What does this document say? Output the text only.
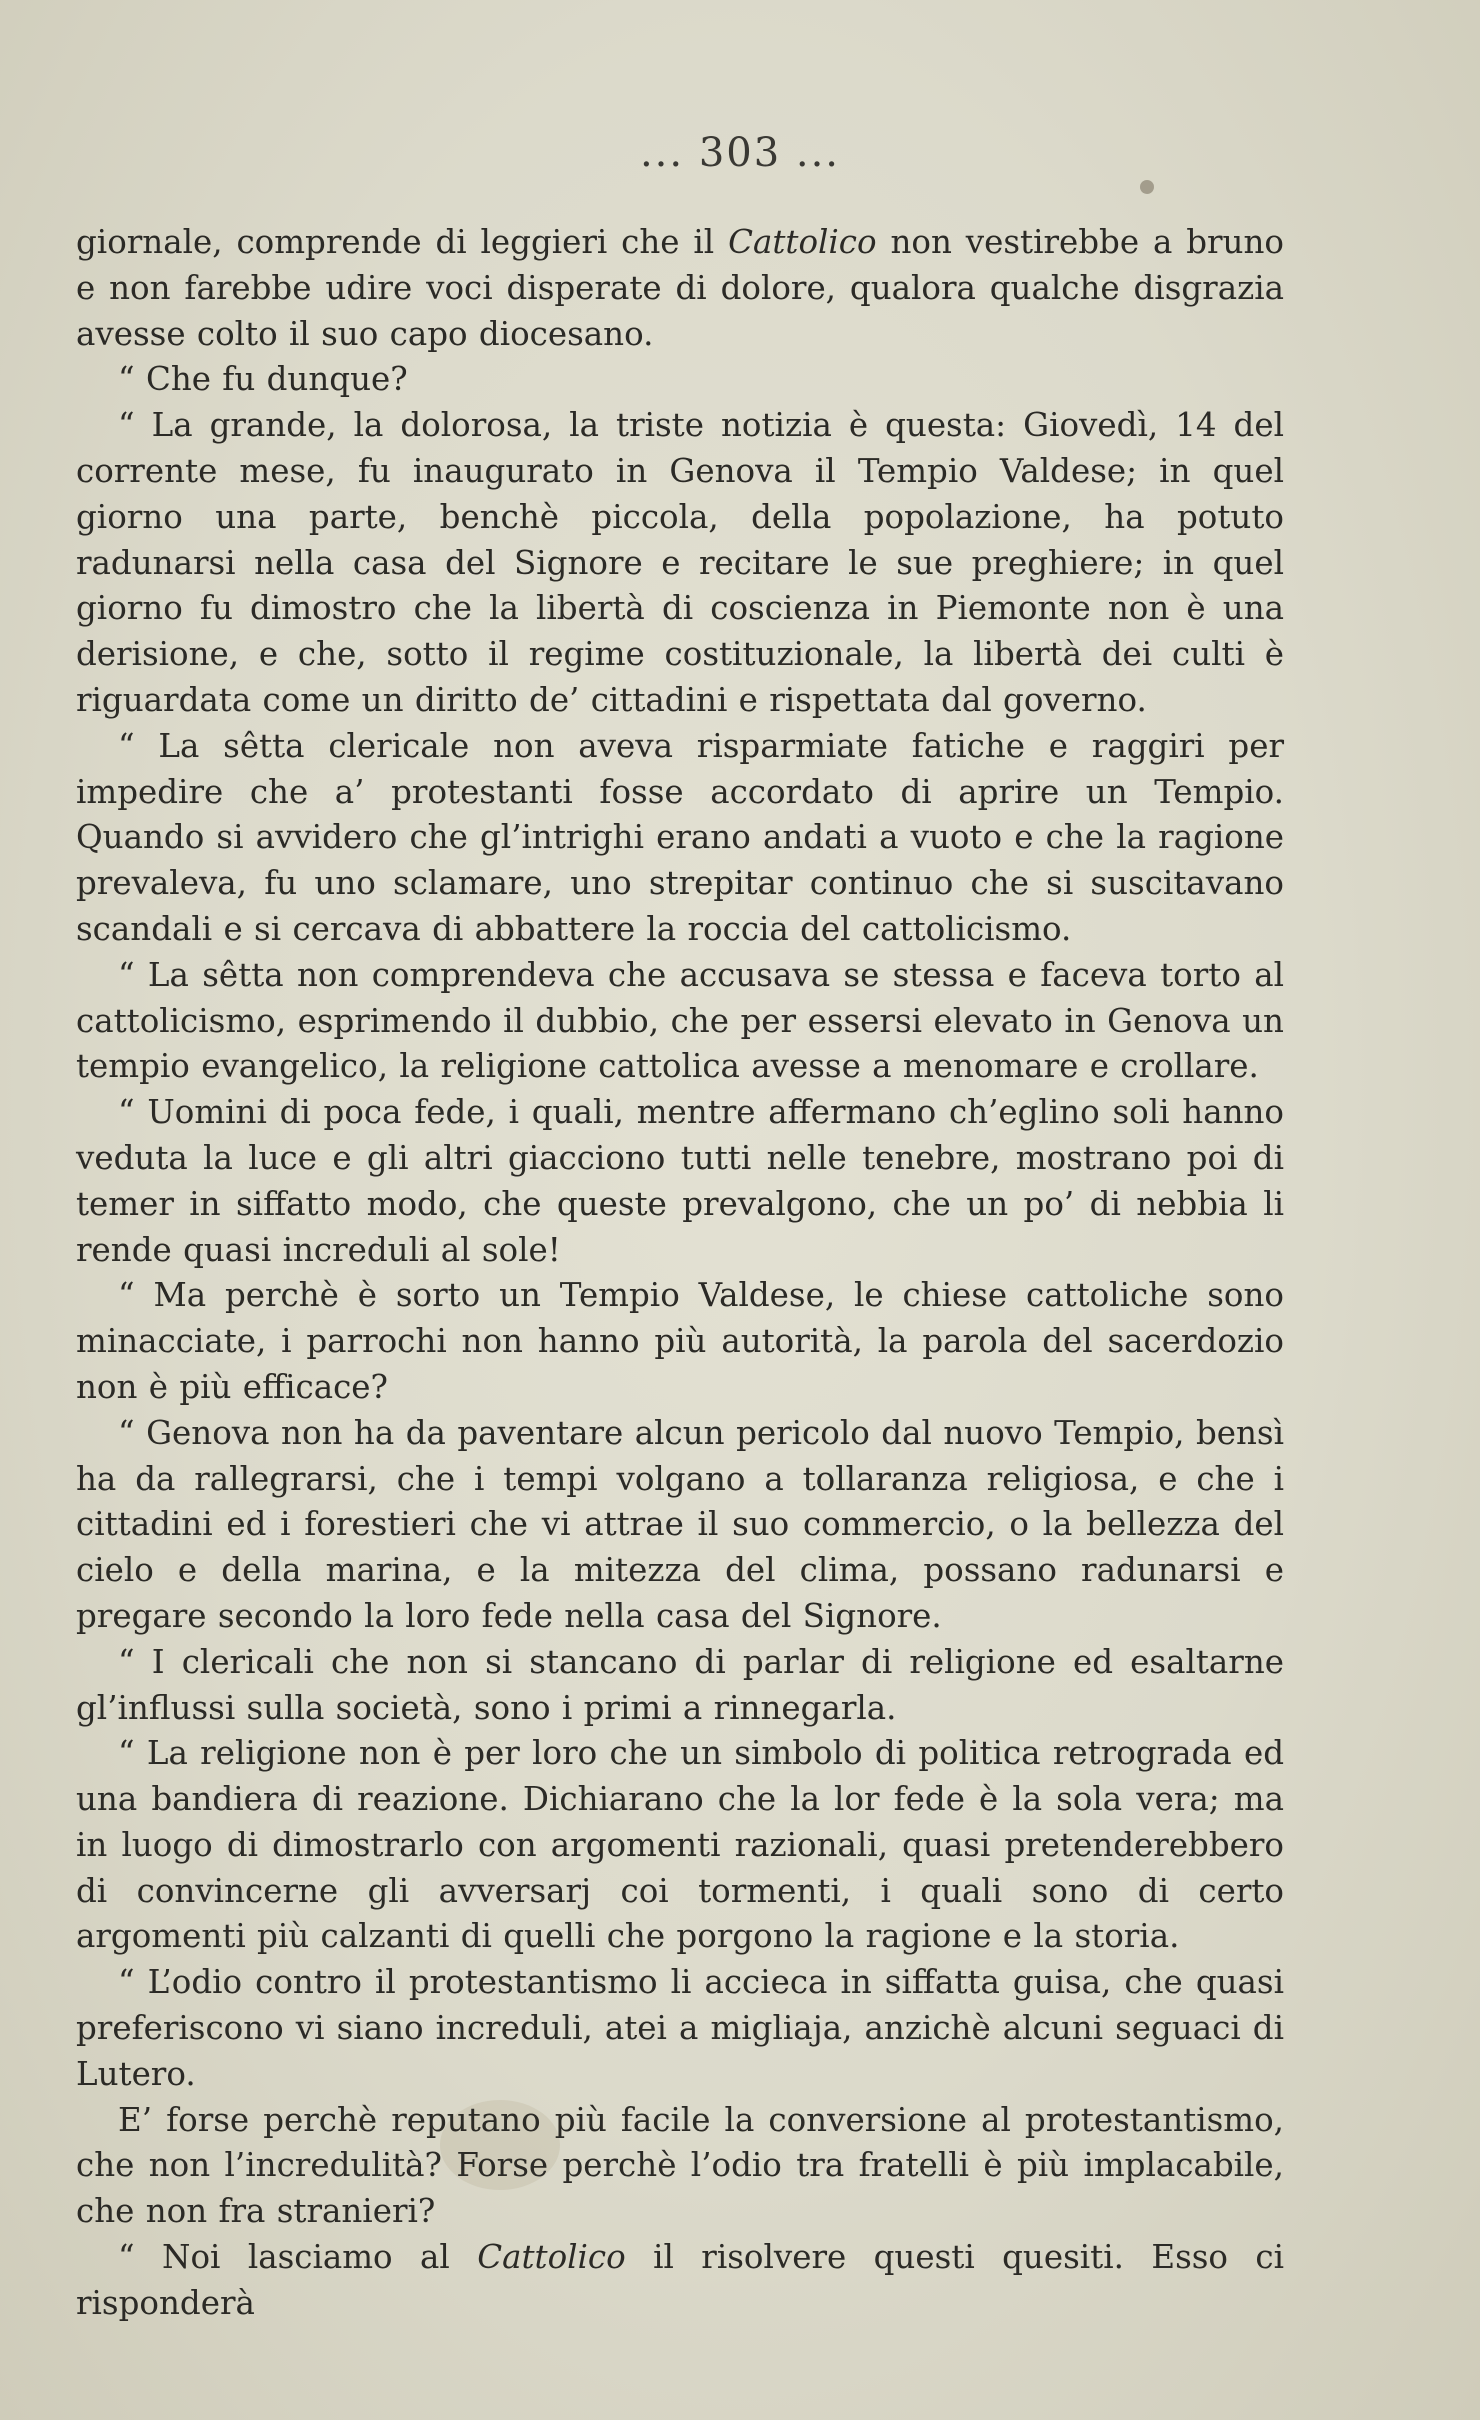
... 303 ...

giornale, comprende di leggieri che il Cattolico non vestirebbe a bruno e non farebbe udire voci disperate di dolore, qualora qualche disgrazia avesse colto il suo capo diocesano.

“ Che fu dunque?

“ La grande, la dolorosa, la triste notizia è questa: Giovedì, 14 del corrente mese, fu inaugurato in Genova il Tempio Valdese; in quel giorno una parte, benchè piccola, della popolazione, ha potuto radunarsi nella casa del Signore e recitare le sue preghiere; in quel giorno fu dimostro che la libertà di coscienza in Piemonte non è una derisione, e che, sotto il regime costituzionale, la libertà dei culti è riguardata come un diritto de’ cittadini e rispettata dal governo.

“ La sêtta clericale non aveva risparmiate fatiche e raggiri per impedire che a’ protestanti fosse accordato di aprire un Tempio. Quando si avvidero che gl’intrighi erano andati a vuoto e che la ragione prevaleva, fu uno sclamare, uno strepitar continuo che si suscitavano scandali e si cercava di abbattere la roccia del cattolicismo.

“ La sêtta non comprendeva che accusava se stessa e faceva torto al cattolicismo, esprimendo il dubbio, che per essersi elevato in Genova un tempio evangelico, la religione cattolica avesse a menomare e crollare.

“ Uomini di poca fede, i quali, mentre affermano ch’eglino soli hanno veduta la luce e gli altri giacciono tutti nelle tenebre, mostrano poi di temer in siffatto modo, che queste prevalgono, che un po’ di nebbia li rende quasi increduli al sole!

“ Ma perchè è sorto un Tempio Valdese, le chiese cattoliche sono minacciate, i parrochi non hanno più autorità, la parola del sacerdozio non è più efficace?

“ Genova non ha da paventare alcun pericolo dal nuovo Tempio, bensì ha da rallegrarsi, che i tempi volgano a tollaranza religiosa, e che i cittadini ed i forestieri che vi attrae il suo commercio, o la bellezza del cielo e della marina, e la mitezza del clima, possano radunarsi e pregare secondo la loro fede nella casa del Signore.

“ I clericali che non si stancano di parlar di religione ed esaltarne gl’influssi sulla società, sono i primi a rinnegarla.

“ La religione non è per loro che un simbolo di politica retrograda ed una bandiera di reazione. Dichiarano che la lor fede è la sola vera; ma in luogo di dimostrarlo con argomenti razionali, quasi pretenderebbero di convincerne gli avversarj coi tormenti, i quali sono di certo argomenti più calzanti di quelli che porgono la ragione e la storia.

“ L’odio contro il protestantismo li accieca in siffatta guisa, che quasi preferiscono vi siano increduli, atei a migliaja, anzichè alcuni seguaci di Lutero.

E’ forse perchè reputano più facile la conversione al protestantismo, che non l’incredulità? Forse perchè l’odio tra fratelli è più implacabile, che non fra stranieri?

“ Noi lasciamo al Cattolico il risolvere questi quesiti. Esso ci risponderà
